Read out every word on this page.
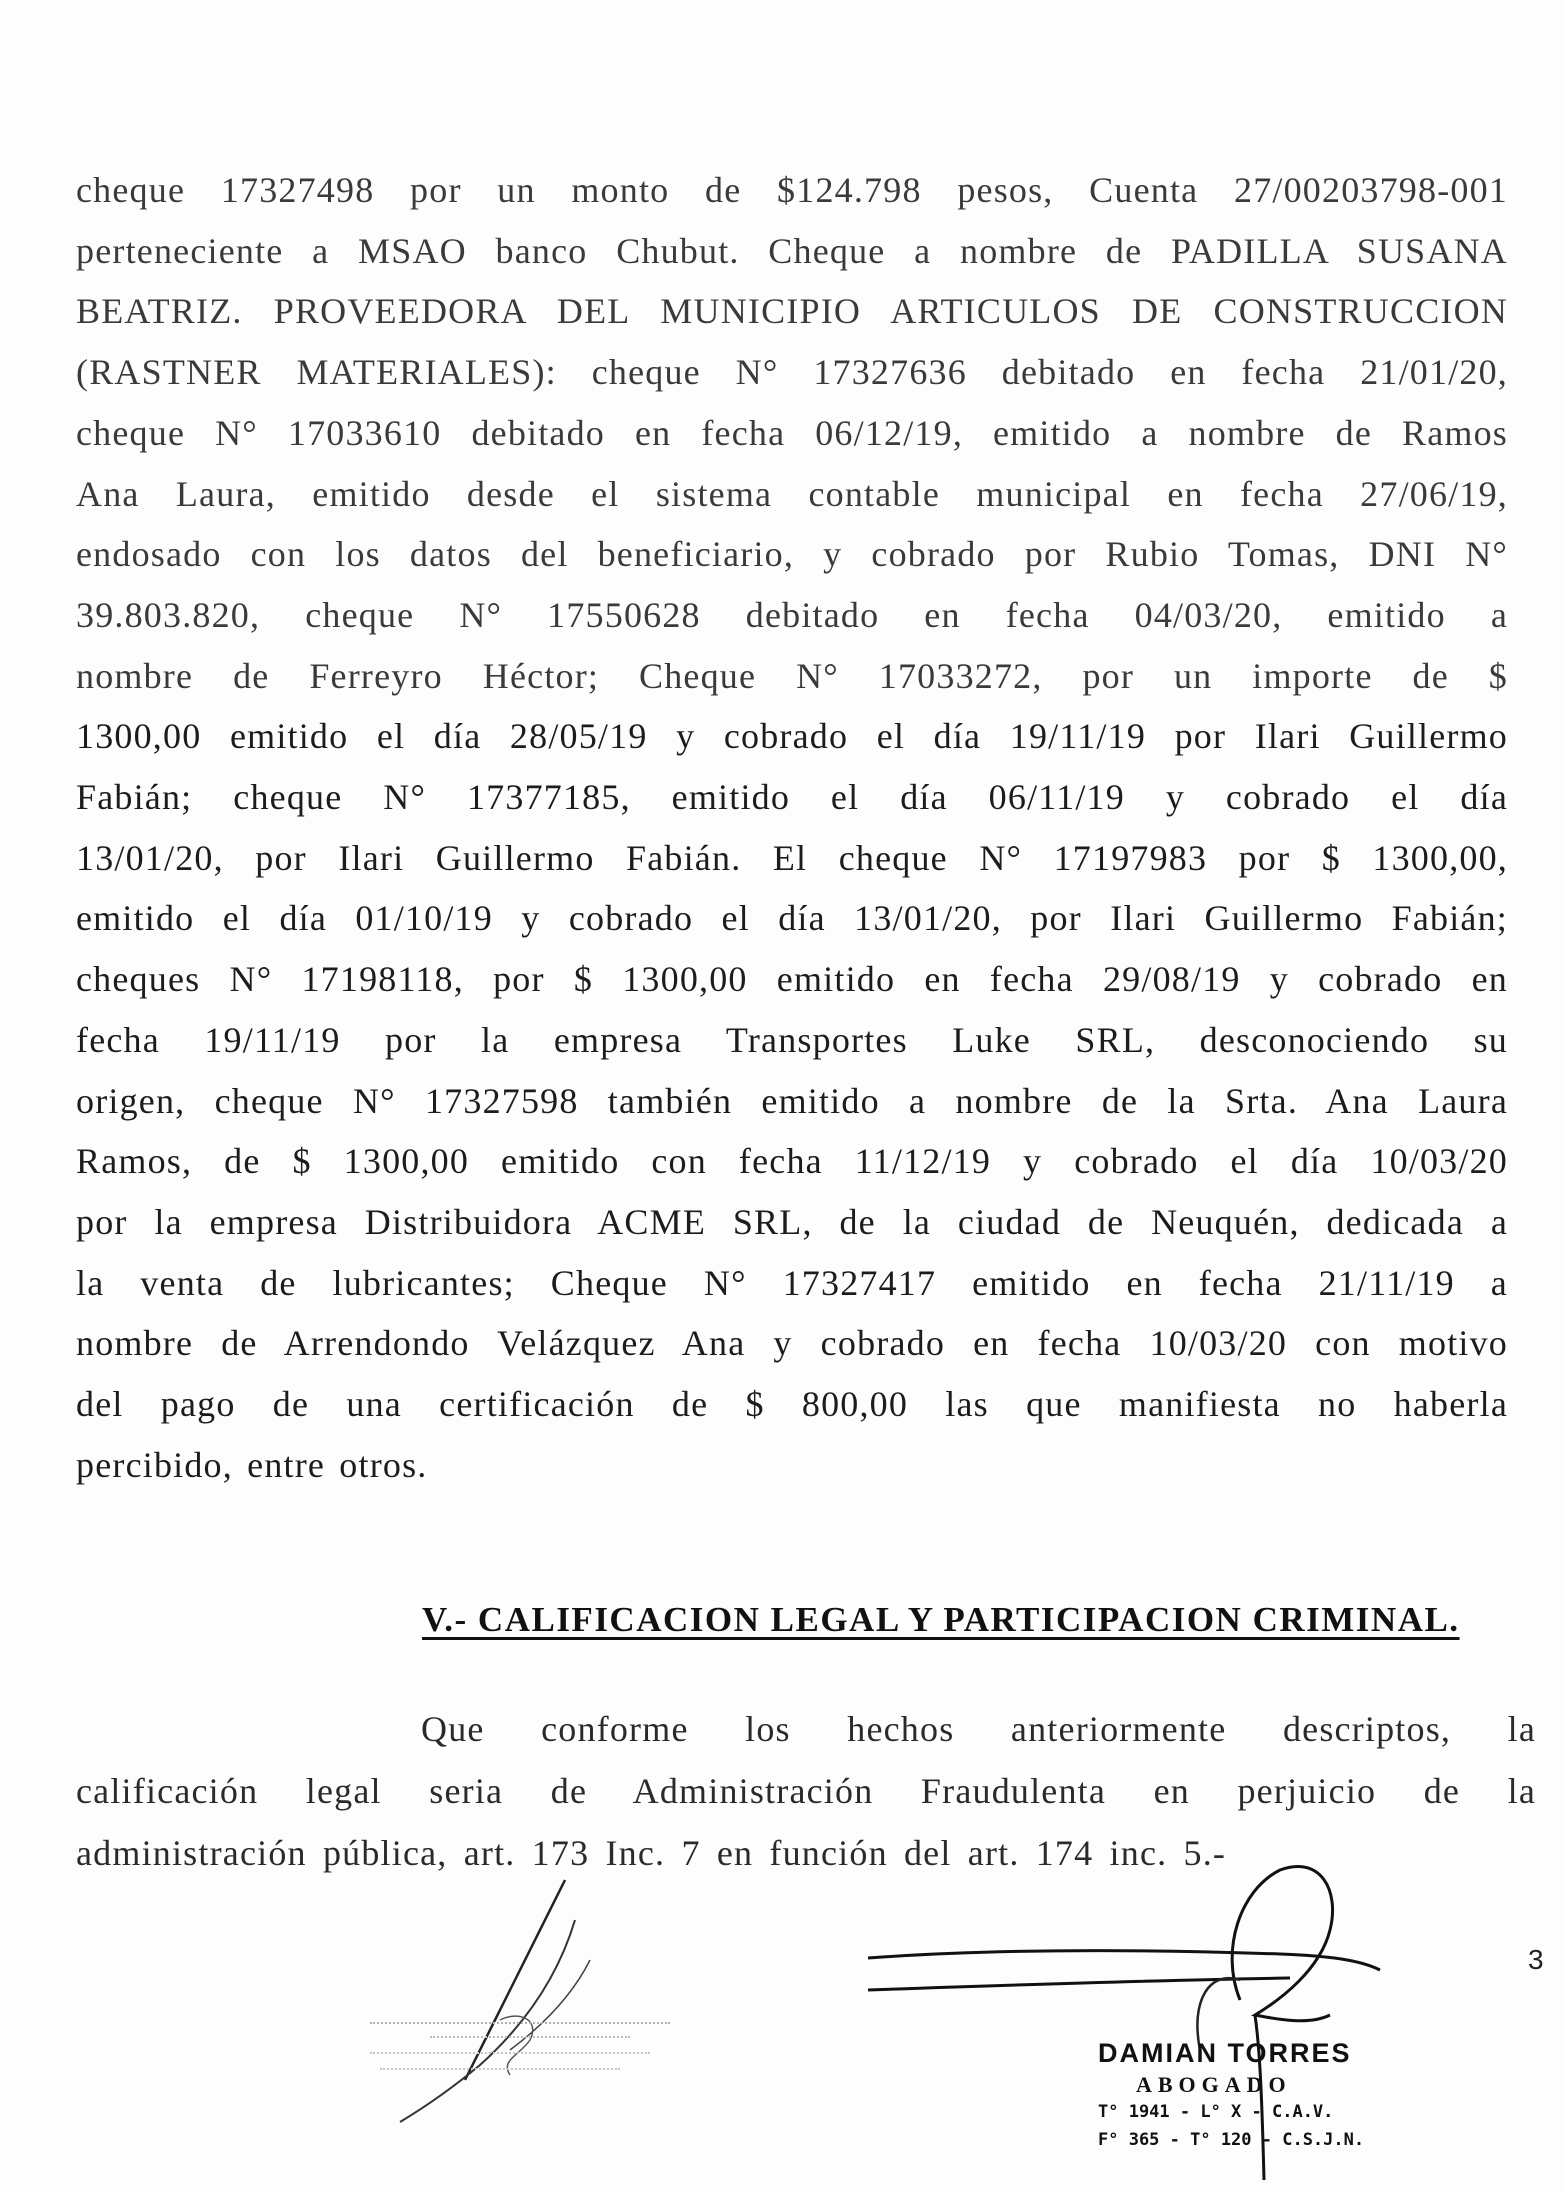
cheque 17327498 por un monto de $124.798 pesos, Cuenta 27/00203798-001
perteneciente a MSAO banco Chubut. Cheque a nombre de PADILLA SUSANA
BEATRIZ. PROVEEDORA DEL MUNICIPIO ARTICULOS DE CONSTRUCCION
(RASTNER MATERIALES): cheque N° 17327636 debitado en fecha 21/01/20,
cheque N° 17033610 debitado en fecha 06/12/19, emitido a nombre de Ramos
Ana Laura, emitido desde el sistema contable municipal en fecha 27/06/19,
endosado con los datos del beneficiario, y cobrado por Rubio Tomas, DNI N°
39.803.820, cheque N° 17550628 debitado en fecha 04/03/20, emitido a
nombre de Ferreyro Héctor; Cheque N° 17033272, por un importe de $
1300,00 emitido el día 28/05/19 y cobrado el día 19/11/19 por Ilari Guillermo
Fabián; cheque N° 17377185, emitido el día 06/11/19 y cobrado el día
13/01/20, por Ilari Guillermo Fabián. El cheque N° 17197983 por $ 1300,00,
emitido el día 01/10/19 y cobrado el día 13/01/20, por Ilari Guillermo Fabián;
cheques N° 17198118, por $ 1300,00 emitido en fecha 29/08/19 y cobrado en
fecha 19/11/19 por la empresa Transportes Luke SRL, desconociendo su
origen, cheque N° 17327598 también emitido a nombre de la Srta. Ana Laura
Ramos, de $ 1300,00 emitido con fecha 11/12/19 y cobrado el día 10/03/20
por la empresa Distribuidora ACME SRL, de la ciudad de Neuquén, dedicada a
la venta de lubricantes; Cheque N° 17327417 emitido en fecha 21/11/19 a
nombre de Arrendondo Velázquez Ana y cobrado en fecha 10/03/20 con motivo
del pago de una certificación de $ 800,00 las que manifiesta no haberla
percibido, entre otros.
V.- CALIFICACION LEGAL Y PARTICIPACION CRIMINAL.
Que conforme los hechos anteriormente descriptos, la
calificación legal seria de Administración Fraudulenta en perjuicio de la
administración pública, art. 173 Inc. 7 en función del art. 174 inc. 5.-
3
DAMIAN TORRES
ABOGADO
T° 1941 - L° X - C.A.V.
F° 365 - T° 120 - C.S.J.N.
